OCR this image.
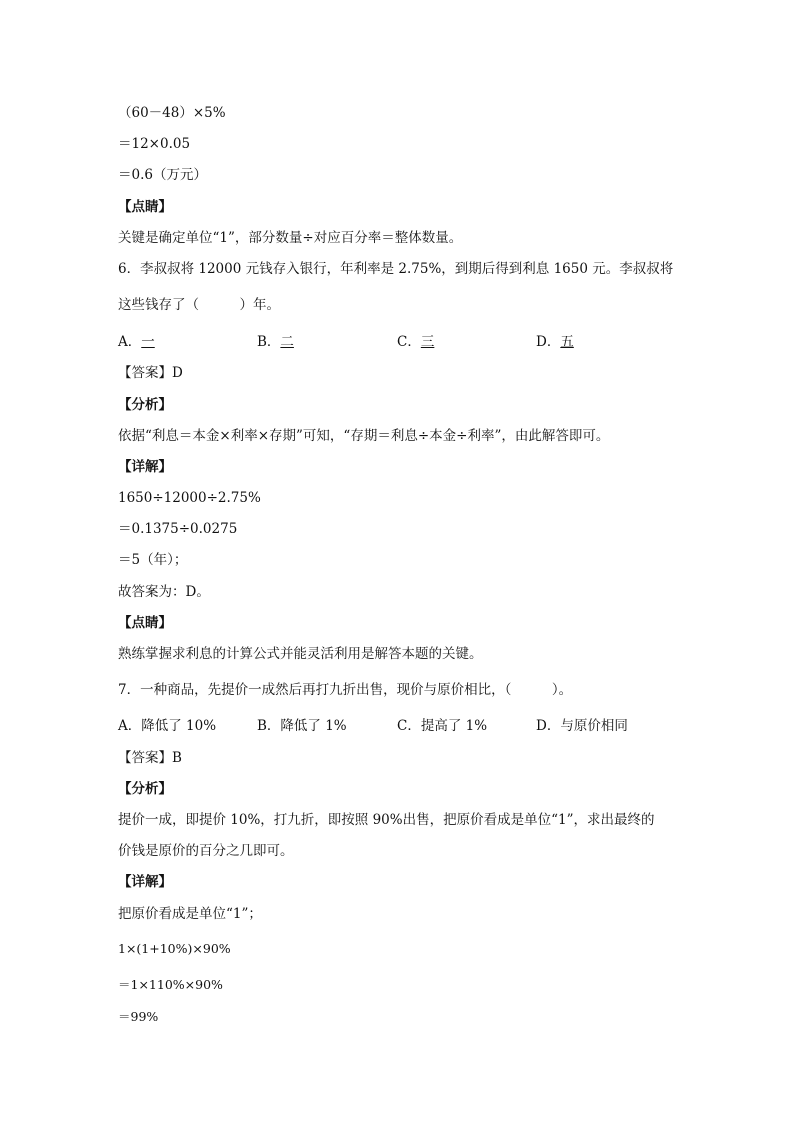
（60－48）×5%
＝12×0.05
＝0.6（万元）
【点睛】
关键是确定单位“1”，部分数量÷对应百分率＝整体数量。
6．李叔叔将 12000 元钱存入银行，年利率是 2.75%，到期后得到利息 1650 元。李叔叔将
这些钱存了（　　　）年。
A．一	B．二	C．三	D．五
【答案】D
【分析】
依据“利息＝本金×利率×存期”可知，“存期＝利息÷本金÷利率”，由此解答即可。
【详解】
1650÷12000÷2.75%
＝0.1375÷0.0275
＝5（年）；
故答案为：D。
【点睛】
熟练掌握求利息的计算公式并能灵活利用是解答本题的关键。
7．一种商品，先提价一成然后再打九折出售，现价与原价相比，（　　　）。
A．降低了 10%	B．降低了 1%	C．提高了 1%	D．与原价相同
【答案】B
【分析】
提价一成，即提价 10%，打九折，即按照 90%出售，把原价看成是单位“1”，求出最终的
价钱是原价的百分之几即可。
【详解】
把原价看成是单位“1”；
1×(1+10%)×90%
＝1×110%×90%
＝99%
